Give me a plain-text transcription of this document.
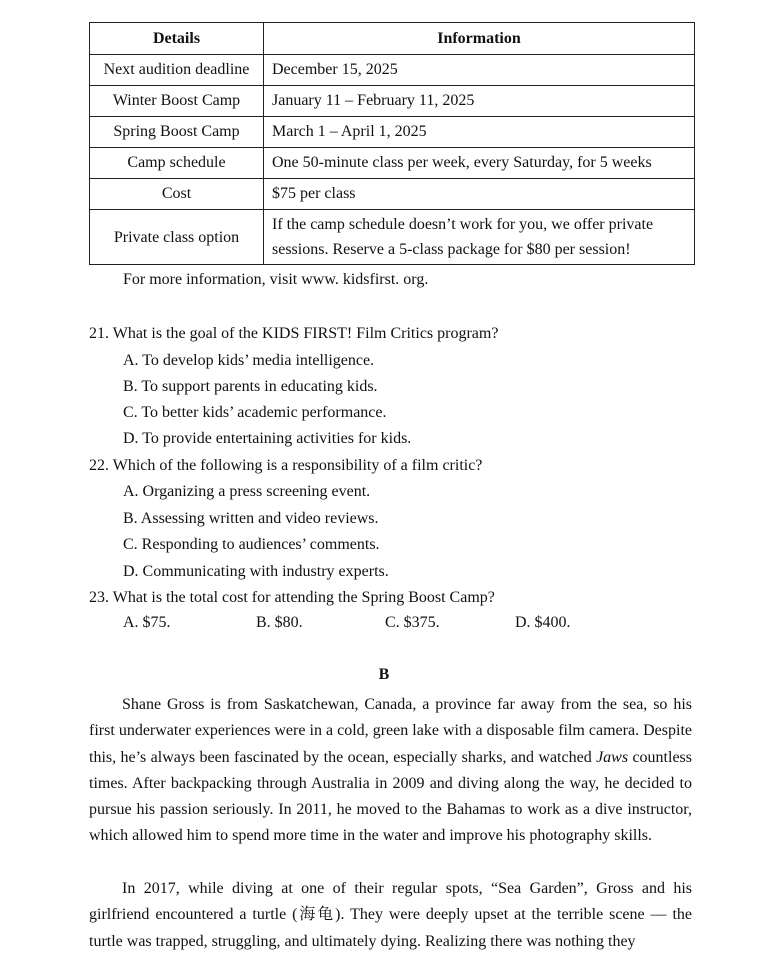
Details	Information
Next audition deadline	December 15, 2025
Winter Boost Camp	January 11 – February 11, 2025
Spring Boost Camp	March 1 – April 1, 2025
Camp schedule	One 50-minute class per week, every Saturday, for 5 weeks
Cost	$75 per class
Private class option	If the camp schedule doesn’t work for you, we offer private sessions. Reserve a 5-class package for $80 per session!
For more information, visit www. kidsfirst. org.
21. What is the goal of the KIDS FIRST! Film Critics program?
A. To develop kids’ media intelligence.
B. To support parents in educating kids.
C. To better kids’ academic performance.
D. To provide entertaining activities for kids.
22. Which of the following is a responsibility of a film critic?
A. Organizing a press screening event.
B. Assessing written and video reviews.
C. Responding to audiences’ comments.
D. Communicating with industry experts.
23. What is the total cost for attending the Spring Boost Camp?
A. $75.	B. $80.	C. $375.	D. $400.
B
Shane Gross is from Saskatchewan, Canada, a province far away from the sea, so his first underwater experiences were in a cold, green lake with a disposable film camera. Despite this, he’s always been fascinated by the ocean, especially sharks, and watched Jaws countless times. After backpacking through Australia in 2009 and diving along the way, he decided to pursue his passion seriously. In 2011, he moved to the Bahamas to work as a dive instructor, which allowed him to spend more time in the water and improve his photography skills.
In 2017, while diving at one of their regular spots, “Sea Garden”, Gross and his girlfriend encountered a turtle (海龟). They were deeply upset at the terrible scene — the turtle was trapped, struggling, and ultimately dying. Realizing there was nothing they
